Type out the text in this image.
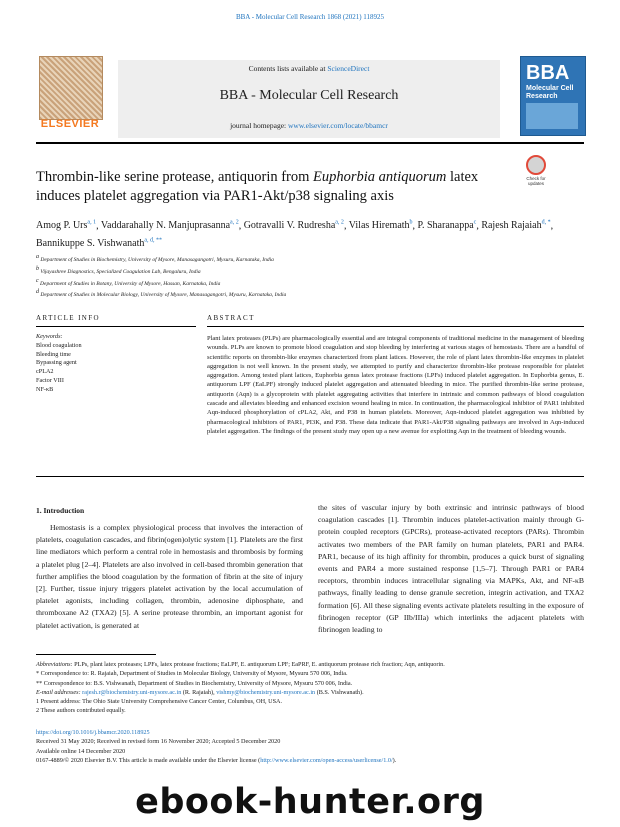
BBA - Molecular Cell Research 1868 (2021) 118925
ELSEVIER
Contents lists available at ScienceDirect
BBA - Molecular Cell Research
journal homepage: www.elsevier.com/locate/bbamcr
BBA
Molecular Cell Research
Thrombin-like serine protease, antiquorin from Euphorbia antiquorum latex induces platelet aggregation via PAR1-Akt/p38 signaling axis
Check for updates
Amog P. Urs$^{a, 1}$, Vaddarahally N. Manjuprasanna$^{a, 2}$, Gotravalli V. Rudresha$^{a, 2}$, Vilas Hiremath$^b$, P. Sharanappa$^c$, Rajesh Rajaiah$^{d, *}$, Bannikuppe S. Vishwanath$^{a, d, **}$
$^a$ Department of Studies in Biochemistry, University of Mysore, Manasagangotri, Mysuru, Karnataka, India
$^b$ Vijayashree Diagnostics, Specialized Coagulation Lab, Bengaluru, India
$^c$ Department of Studies in Botany, University of Mysore, Hassan, Karnataka, India
$^d$ Department of Studies in Molecular Biology, University of Mysore, Manasagangotri, Mysuru, Karnataka, India
ARTICLE INFO	ABSTRACT
Keywords:
Blood coagulation
Bleeding time
Bypassing agent
cPLA2
Factor VIII
NF-κB
Plant latex proteases (PLPs) are pharmacologically essential and are integral components of traditional medicine in the management of bleeding wounds. PLPs are known to promote blood coagulation and stop bleeding by interfering at various stages of hemostasis. There are a handful of scientific reports on thrombin-like enzymes characterized from plant latices. However, the role of plant latex thrombin-like enzymes in platelet aggregation is not well known. In the present study, we attempted to purify and characterize thrombin-like protease responsible for platelet aggregation. Among tested plant latices, Euphorbia genus latex protease fractions (LPFs) induced platelet aggregation. In Euphorbia genus, E. antiquorum LPF (EaLPF) strongly induced platelet aggregation and attenuated bleeding in mice. The purified thrombin-like serine protease, antiquorin (Aqn) is a glycoprotein with platelet aggregating activities that interfere in intrinsic and common pathways of blood coagulation cascade and alleviates bleeding and enhanced excision wound healing in mice. In continuation, the pharmacological inhibitor of PAR1 inhibited Aqn-induced phosphorylation of cPLA2, Akt, and P38 in human platelets. Moreover, Aqn-induced platelet aggregation was inhibited by pharmacological inhibitors of PAR1, PI3K, and P38. These data indicate that PAR1-Akt/P38 signaling pathways are involved in Aqn-induced platelet aggregation. The findings of the present study may open up a new avenue for exploiting Aqn in the treatment of bleeding wounds.
1. Introduction
Hemostasis is a complex physiological process that involves the interaction of platelets, coagulation cascades, and fibrin(ogen)olytic system [1]. Platelets are the first line mediators which perform a central role in hemostasis and thrombosis by forming a platelet plug [2–4]. Platelets are also involved in cell-based thrombin generation that further amplifies the blood coagulation by the formation of fibrin at the site of injury [2]. Further, tissue injury triggers platelet activation by the local accumulation of platelet agonists, including collagen, thrombin, adenosine diphosphate, and thromboxane A2 (TXA2) [5]. A serine protease thrombin, an important agonist for platelet activation, is generated at
the sites of vascular injury by both extrinsic and intrinsic pathways of blood coagulation cascades [1]. Thrombin induces platelet-activation mainly through G-protein coupled receptors (GPCRs), protease-activated receptors (PARs). Thrombin activates two members of the PAR family on human platelets, PAR1 and PAR4. PAR1, because of its high affinity for thrombin, produces a quick burst of signaling events and PAR4 a more sustained response [1,5–7]. Through PAR1 or PAR4 receptors, thrombin induces intracellular signaling via MAPKs, Akt, and NF-κB pathways, finally leading to dense granule secretion, integrin activation, and TXA2 formation [6]. All these signaling events activate platelets resulting in the exposure of fibrinogen receptor (GP IIb/IIIa) which interlinks the adjacent platelets with fibrinogen leading to
Abbreviations: PLPs, plant latex proteases; LPFs, latex protease fractions; EaLPF, E. antiquorum LPF; EaPRF, E. antiquorum protease rich fraction; Aqn, antiquorin.
* Correspondence to: R. Rajaiah, Department of Studies in Molecular Biology, University of Mysore, Mysuru 570 006, India.
** Correspondence to: B.S. Vishwanath, Department of Studies in Biochemistry, University of Mysore, Mysuru 570 006, India.
E-mail addresses: rajesh.r@biochemistry.uni-mysore.ac.in (R. Rajaiah), vishmy@biochemistry.uni-mysore.ac.in (B.S. Vishwanath).
1 Present address: The Ohio State University Comprehensive Cancer Center, Columbus, OH, USA.
2 These authors contributed equally.
https://doi.org/10.1016/j.bbamcr.2020.118925
Received 31 May 2020; Received in revised form 16 November 2020; Accepted 5 December 2020
Available online 14 December 2020
0167-4889/© 2020 Elsevier B.V. This article is made available under the Elsevier license (http://www.elsevier.com/open-access/userlicense/1.0/).
ebook-hunter.org
